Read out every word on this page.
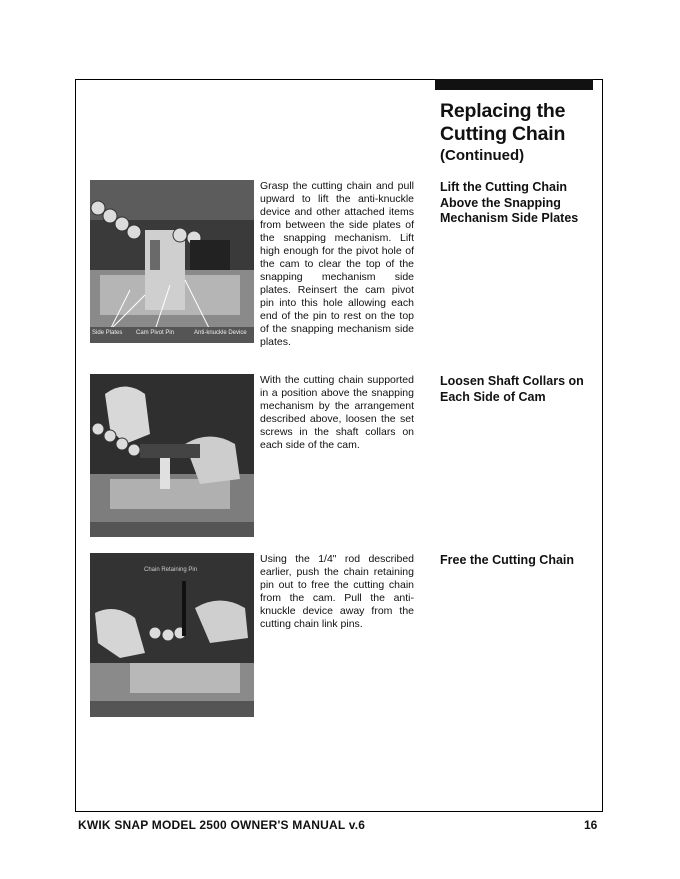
Replacing the Cutting Chain
(Continued)
Side Plates Cam Pivot Pin	Anti-knuckle Device
Grasp the cutting chain and pull upward to lift the anti-knuckle device and other attached items from between the side plates of the snapping mechanism. Lift high enough for the pivot hole of the cam to clear the top of the snapping mechanism side plates. Reinsert the cam pivot pin into this hole allowing each end of the pin to rest on the top of the snapping mechanism side plates.
Lift the Cutting Chain Above the Snapping Mechanism Side Plates
With the cutting chain supported in a position above the snapping mechanism by the arrangement described above, loosen the set screws in the shaft collars on each side of the cam.
Loosen Shaft Collars on Each Side of Cam
Chain Retaining Pin
Using the 1/4" rod described earlier, push the chain retaining pin out to free the cutting chain from the cam. Pull the anti-knuckle device away from the cutting chain link pins.
Free the Cutting Chain
KWIK SNAP MODEL 2500 OWNER'S MANUAL v.6	16
